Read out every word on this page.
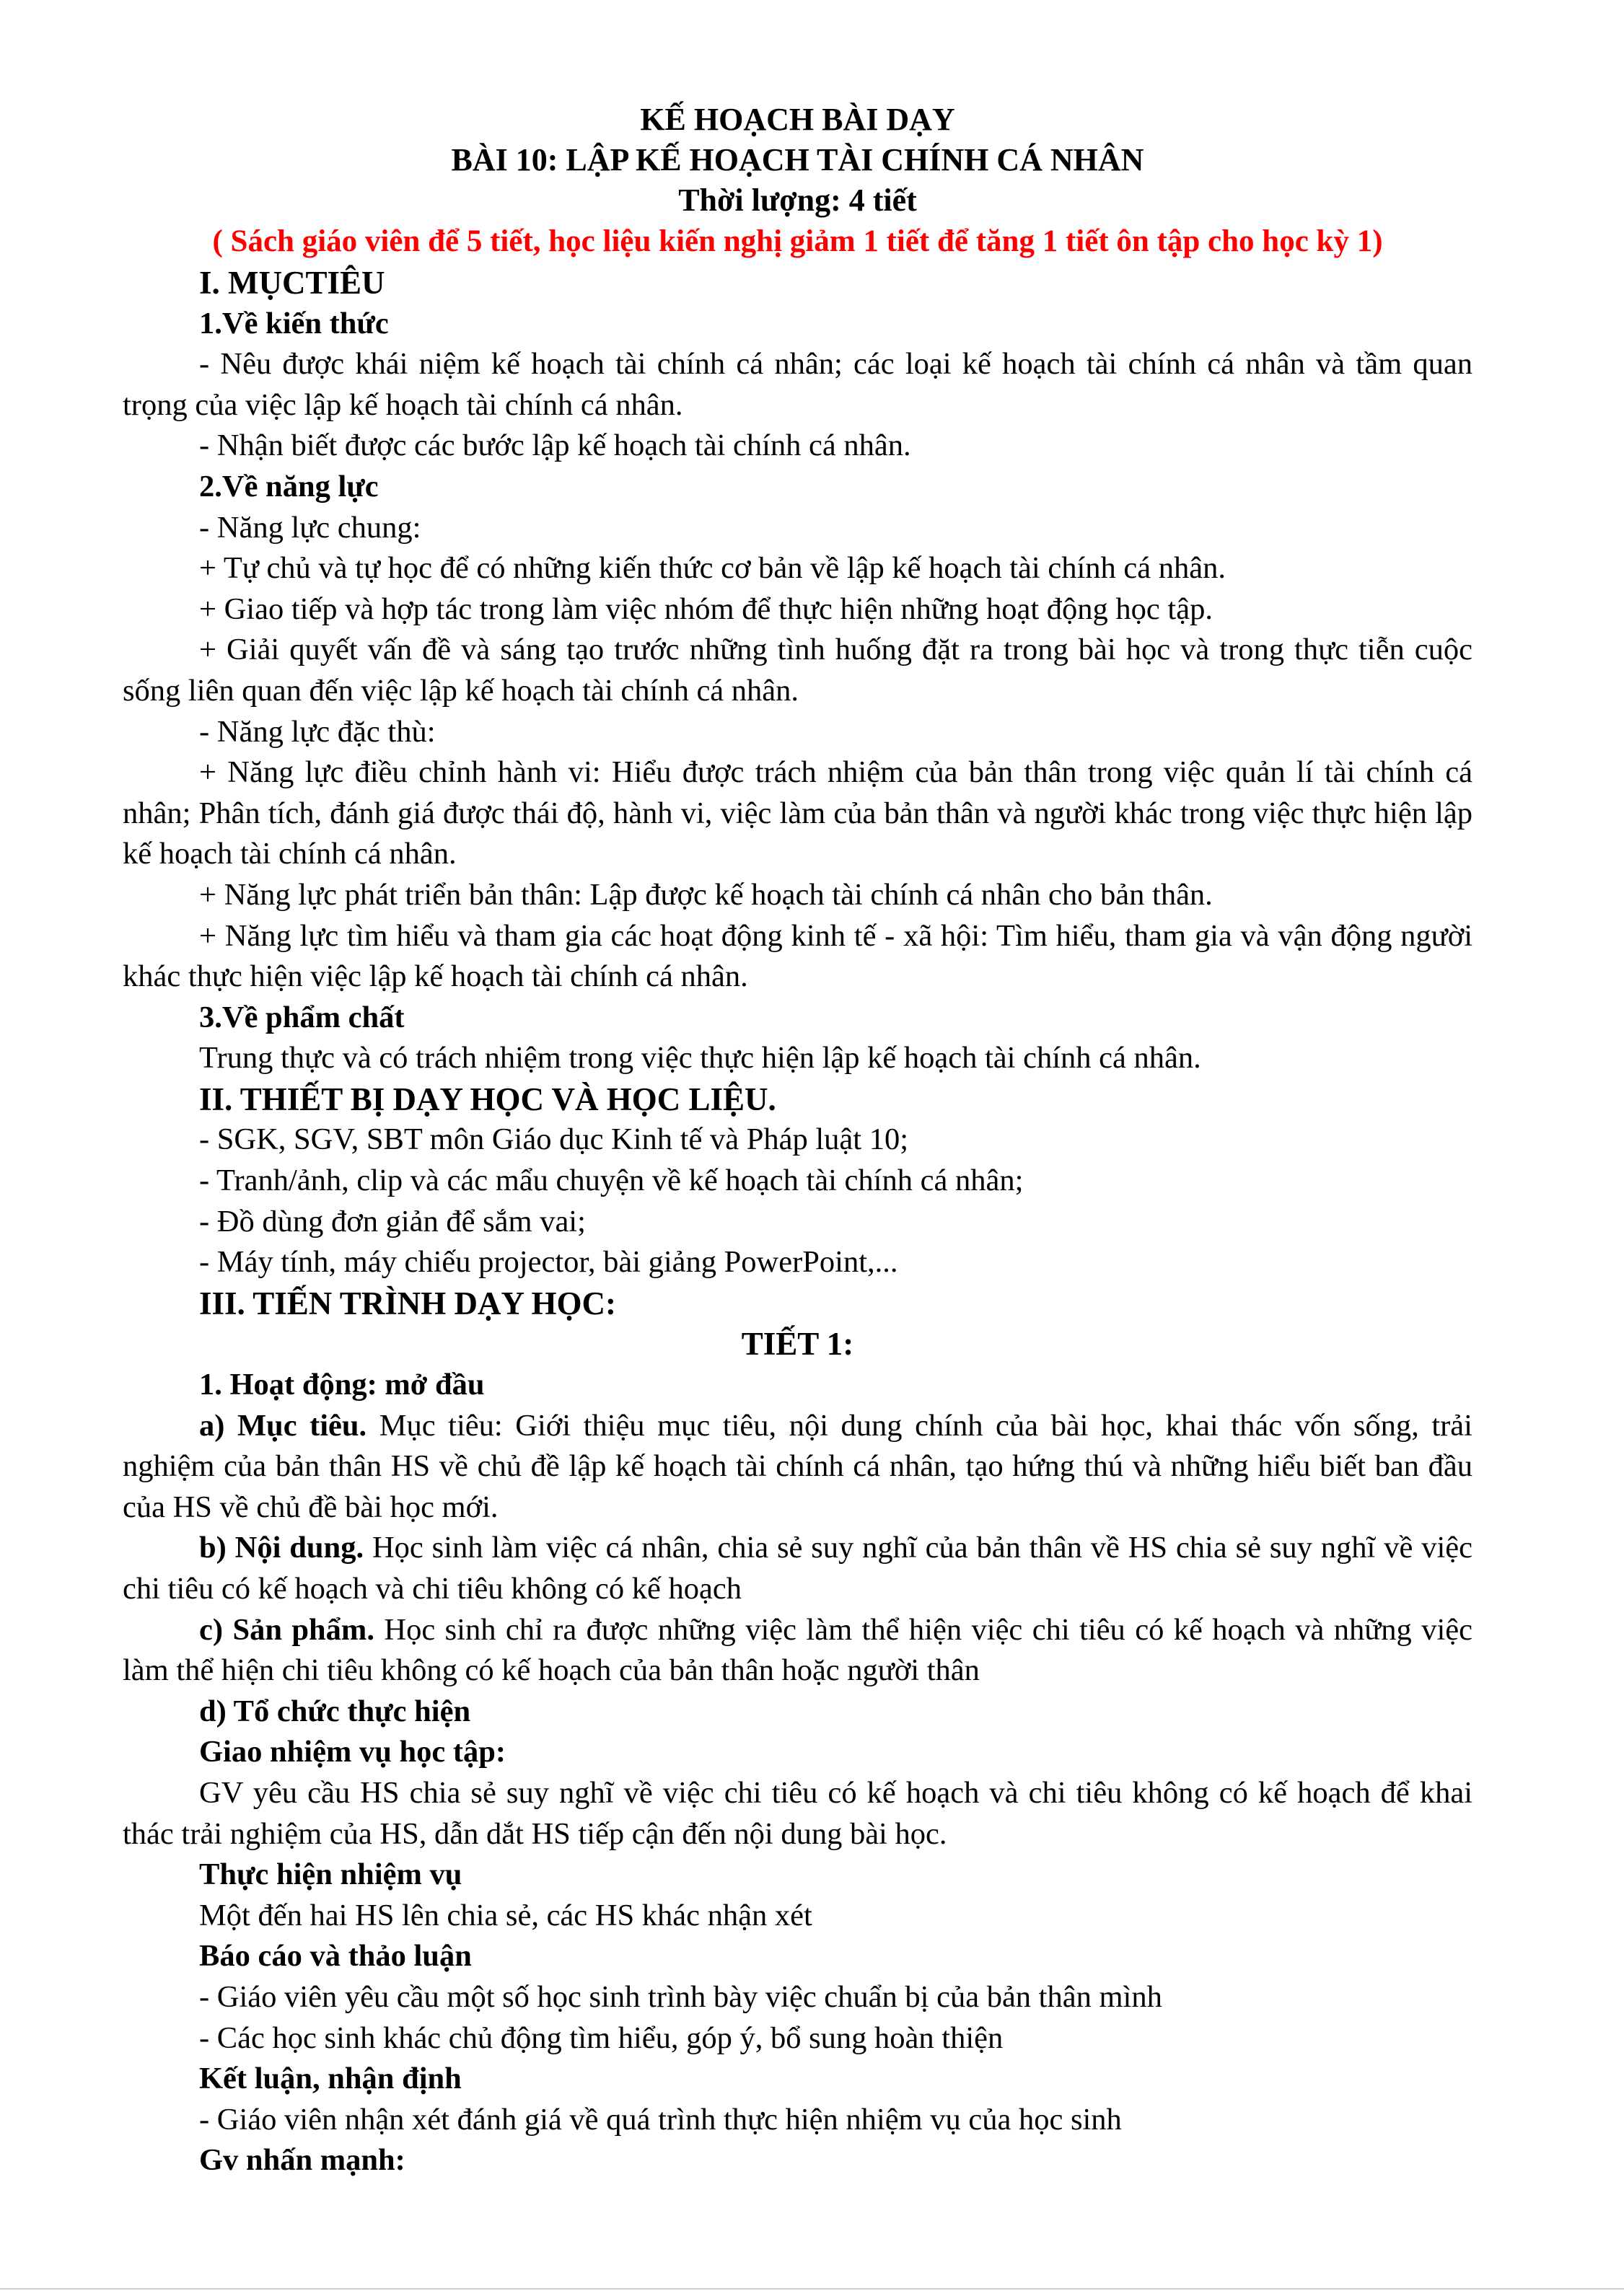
KẾ HOẠCH BÀI DẠY
BÀI 10: LẬP KẾ HOẠCH TÀI CHÍNH CÁ NHÂN
Thời lượng: 4 tiết
( Sách giáo viên để 5 tiết, học liệu kiến nghị giảm 1 tiết để tăng 1 tiết ôn tập cho học kỳ 1)

I. MỤCTIÊU

1.Về kiến thức

- Nêu được khái niệm kế hoạch tài chính cá nhân; các loại kế hoạch tài chính cá nhân và tầm quan trọng của việc lập kế hoạch tài chính cá nhân.

- Nhận biết được các bước lập kế hoạch tài chính cá nhân.

2.Về năng lực

- Năng lực chung:

+ Tự chủ và tự học để có những kiến thức cơ bản về lập kế hoạch tài chính cá nhân.

+ Giao tiếp và hợp tác trong làm việc nhóm để thực hiện những hoạt động học tập.

+ Giải quyết vấn đề và sáng tạo trước những tình huống đặt ra trong bài học và trong thực tiễn cuộc sống liên quan đến việc lập kế hoạch tài chính cá nhân.

- Năng lực đặc thù:

+ Năng lực điều chỉnh hành vi: Hiểu được trách nhiệm của bản thân trong việc quản lí tài chính cá nhân; Phân tích, đánh giá được thái độ, hành vi, việc làm của bản thân và người khác trong việc thực hiện lập kế hoạch tài chính cá nhân.

+ Năng lực phát triển bản thân: Lập được kế hoạch tài chính cá nhân cho bản thân.

+ Năng lực tìm hiểu và tham gia các hoạt động kinh tế - xã hội: Tìm hiểu, tham gia và vận động người khác thực hiện việc lập kế hoạch tài chính cá nhân.

3.Về phẩm chất

Trung thực và có trách nhiệm trong việc thực hiện lập kế hoạch tài chính cá nhân.

II. THIẾT BỊ DẠY HỌC VÀ HỌC LIỆU.

- SGK, SGV, SBT môn Giáo dục Kinh tế và Pháp luật 10;

- Tranh/ảnh, clip và các mẩu chuyện về kế hoạch tài chính cá nhân;

- Đồ dùng đơn giản để sắm vai;

- Máy tính, máy chiếu projector, bài giảng PowerPoint,...

III. TIẾN TRÌNH DẠY HỌC:

TIẾT 1:

1. Hoạt động: mở đầu

a) Mục tiêu. Mục tiêu: Giới thiệu mục tiêu, nội dung chính của bài học, khai thác vốn sống, trải nghiệm của bản thân HS về chủ đề lập kế hoạch tài chính cá nhân, tạo hứng thú và những hiểu biết ban đầu của HS về chủ đề bài học mới.

b) Nội dung. Học sinh làm việc cá nhân, chia sẻ suy nghĩ của bản thân về HS chia sẻ suy nghĩ về việc chi tiêu có kế hoạch và chi tiêu không có kế hoạch

c) Sản phẩm. Học sinh chỉ ra được những việc làm thể hiện việc chi tiêu có kế hoạch và những việc làm thể hiện chi tiêu không có kế hoạch của bản thân hoặc người thân

d) Tổ chức thực hiện

Giao nhiệm vụ học tập:

GV yêu cầu HS chia sẻ suy nghĩ về việc chi tiêu có kế hoạch và chi tiêu không có kế hoạch để khai thác trải nghiệm của HS, dẫn dắt HS tiếp cận đến nội dung bài học.

Thực hiện nhiệm vụ

Một đến hai HS lên chia sẻ, các HS khác nhận xét

Báo cáo và thảo luận

- Giáo viên yêu cầu một số học sinh trình bày việc chuẩn bị của bản thân mình

- Các học sinh khác chủ động tìm hiểu, góp ý, bổ sung hoàn thiện

Kết luận, nhận định

- Giáo viên nhận xét đánh giá về quá trình thực hiện nhiệm vụ của học sinh

Gv nhấn mạnh:
